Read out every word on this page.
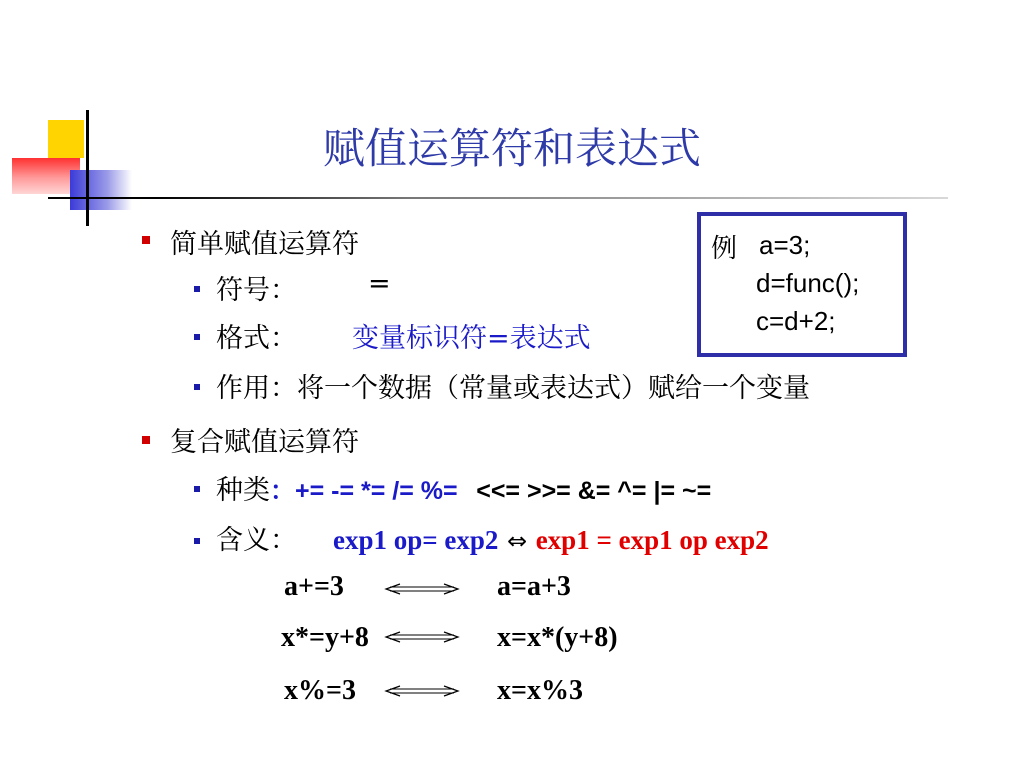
赋值运算符和表达式
简单赋值运算符
符号：	=
格式： 变量标识符=表达式
作用：将一个数据（常量或表达式）赋给一个变量
例 a=3;
d=func();
c=d+2;
复合赋值运算符
种类：+= -= *= /= %= <<= >>= &= ^= |= ~=
含义： exp1 op= exp2 ⇔ exp1 = exp1 op exp2
a+=3	a=a+3
x*=y+8	x=x*(y+8)
x%=3	x=x%3
